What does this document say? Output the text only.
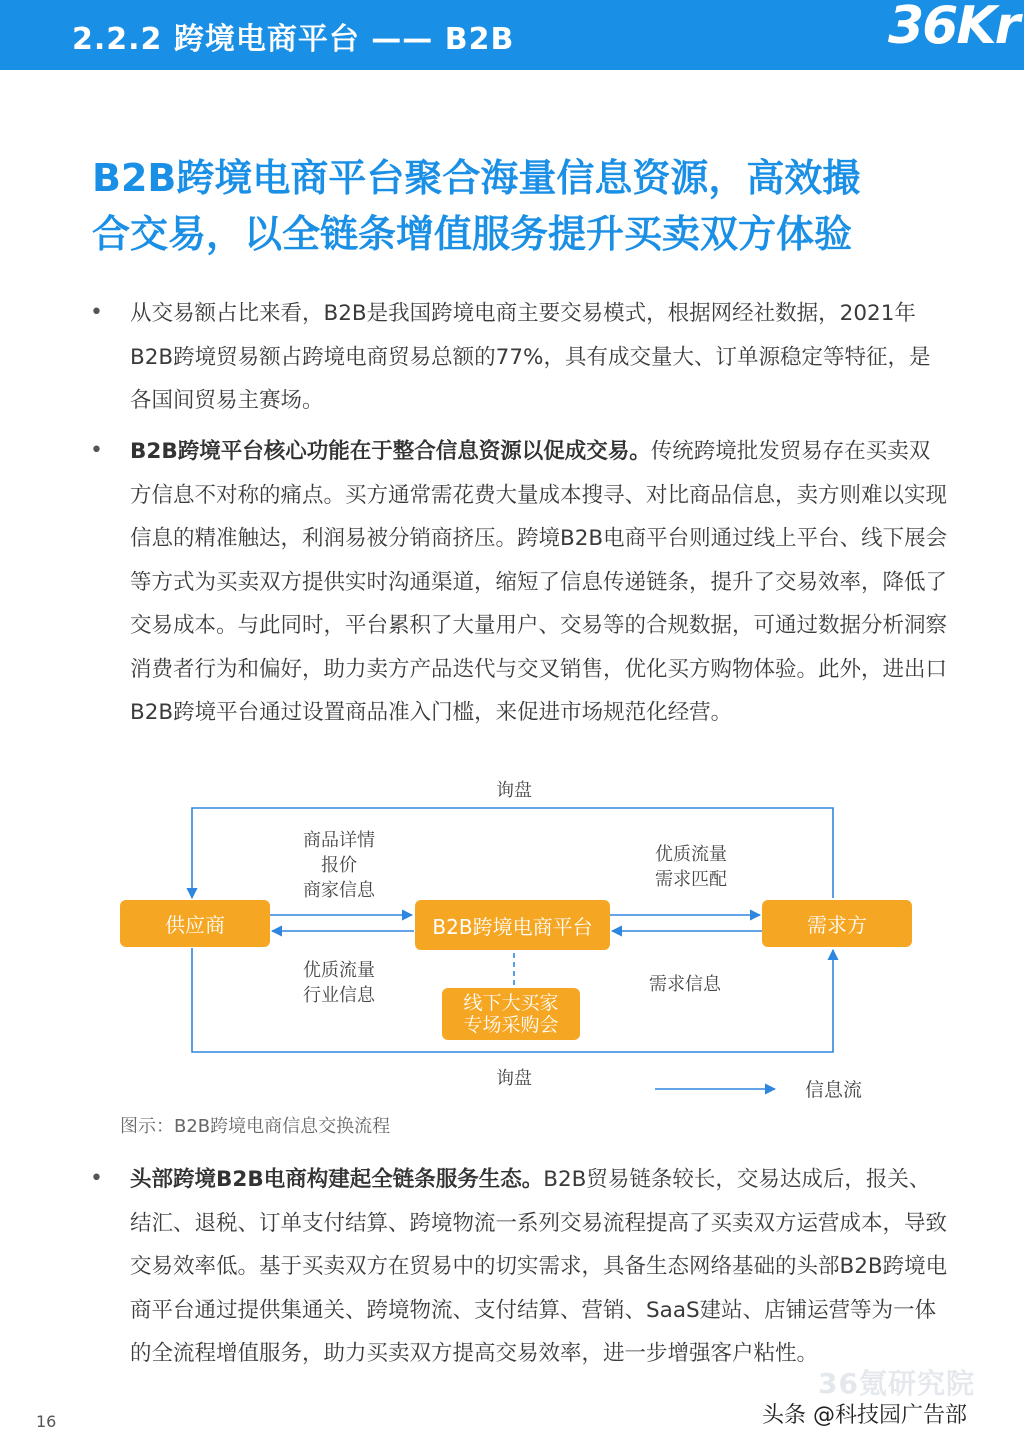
2.2.2 跨境电商平台 —— B2B	36Kr
B2B跨境电商平台聚合海量信息资源，高效撮
合交易，以全链条增值服务提升买卖双方体验
• 从交易额占比来看，B2B是我国跨境电商主要交易模式，根据网经社数据，2021年B2B跨境贸易额占跨境电商贸易总额的77%，具有成交量大、订单源稳定等特征，是各国间贸易主赛场。
• B2B跨境平台核心功能在于整合信息资源以促成交易。传统跨境批发贸易存在买卖双方信息不对称的痛点。买方通常需花费大量成本搜寻、对比商品信息，卖方则难以实现信息的精准触达，利润易被分销商挤压。跨境B2B电商平台则通过线上平台、线下展会等方式为买卖双方提供实时沟通渠道，缩短了信息传递链条，提升了交易效率，降低了交易成本。与此同时，平台累积了大量用户、交易等的合规数据，可通过数据分析洞察消费者行为和偏好，助力卖方产品迭代与交叉销售，优化买方购物体验。此外，进出口B2B跨境平台通过设置商品准入门槛，来促进市场规范化经营。
供应商	B2B跨境电商平台	需求方
线下大买家
专场采购会
询盘
询盘
商品详情
报价
商家信息
优质流量
行业信息
优质流量
需求匹配
需求信息
信息流
图示：B2B跨境电商信息交换流程
• 头部跨境B2B电商构建起全链条服务生态。B2B贸易链条较长，交易达成后，报关、结汇、退税、订单支付结算、跨境物流一系列交易流程提高了买卖双方运营成本，导致交易效率低。基于买卖双方在贸易中的切实需求，具备生态网络基础的头部B2B跨境电商平台通过提供集通关、跨境物流、支付结算、营销、SaaS建站、店铺运营等为一体的全流程增值服务，助力买卖双方提高交易效率，进一步增强客户粘性。
16
36氪研究院
头条 @科技园广告部
